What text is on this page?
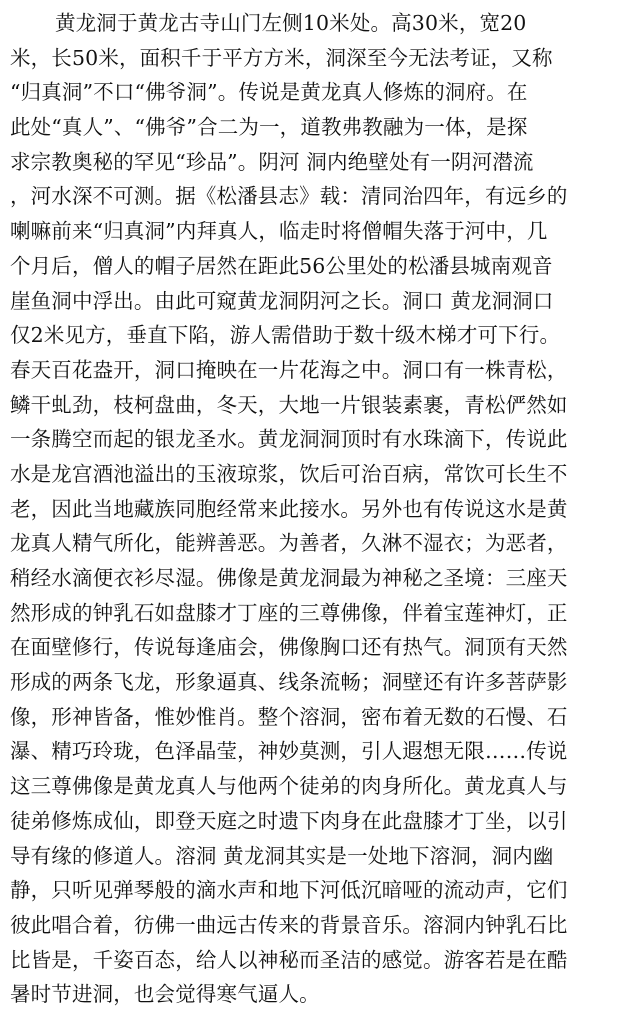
黄龙洞于黄龙古寺山门左侧10米处。高30米，宽20
米，长50米，面积千于平方方米，洞深至今无法考证，又称
“归真洞”不口“佛爷洞”。传说是黄龙真人修炼的洞府。在
此处“真人”、“佛爷”合二为一，道教弗教融为一体，是探
求宗教奥秘的罕见“珍品”。阴河 洞内绝壁处有一阴河潜流
，河水深不可测。据《松潘县志》载：清同治四年，有远乡的
喇嘛前来“归真洞”内拜真人，临走时将僧帽失落于河中，几
个月后，僧人的帽子居然在距此56公里处的松潘县城南观音
崖鱼洞中浮出。由此可窥黄龙洞阴河之长。洞口 黄龙洞洞口
仅2米见方，垂直下陷，游人需借助于数十级木梯才可下行。
春天百花盎开，洞口掩映在一片花海之中。洞口有一株青松，
鳞干虬劲，枝柯盘曲，冬天，大地一片银装素裹，青松俨然如
一条腾空而起的银龙圣水。黄龙洞洞顶时有水珠滴下，传说此
水是龙宫酒池溢出的玉液琼浆，饮后可治百病，常饮可长生不
老，因此当地藏族同胞经常来此接水。另外也有传说这水是黄
龙真人精气所化，能辨善恶。为善者，久淋不湿衣；为恶者，
稍经水滴便衣衫尽湿。佛像是黄龙洞最为神秘之圣境：三座天
然形成的钟乳石如盘膝才丁座的三尊佛像，伴着宝莲神灯，正
在面壁修行，传说每逢庙会，佛像胸口还有热气。洞顶有天然
形成的两条飞龙，形象逼真、线条流畅；洞壁还有许多菩萨影
像，形神皆备，惟妙惟肖。整个溶洞，密布着无数的石慢、石
瀑、精巧玲珑，色泽晶莹，神妙莫测，引人遐想无限……传说
这三尊佛像是黄龙真人与他两个徒弟的肉身所化。黄龙真人与
徒弟修炼成仙，即登天庭之时遗下肉身在此盘膝才丁坐，以引
导有缘的修道人。溶洞 黄龙洞其实是一处地下溶洞，洞内幽
静，只听见弹琴般的滴水声和地下河低沉暗哑的流动声，它们
彼此唱合着，彷佛一曲远古传来的背景音乐。溶洞内钟乳石比
比皆是，千姿百态，给人以神秘而圣洁的感觉。游客若是在酷
暑时节进洞，也会觉得寒气逼人。
